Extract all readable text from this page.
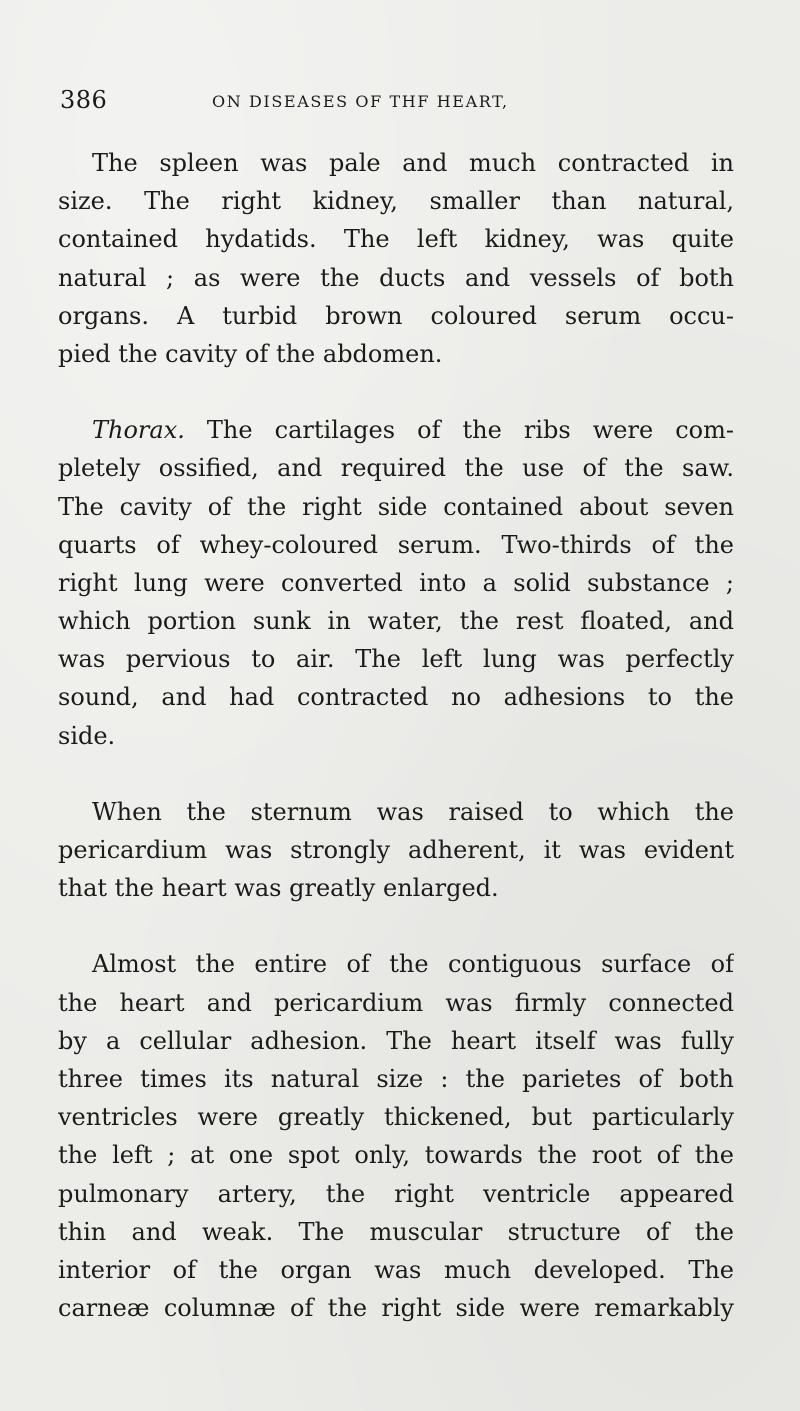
386	ON DISEASES OF THF HEART,
The spleen was pale and much contracted in
size. The right kidney, smaller than natural,
contained hydatids. The left kidney, was quite
natural ; as were the ducts and vessels of both
organs. A turbid brown coloured serum occu-
pied the cavity of the abdomen.
Thorax. The cartilages of the ribs were com-
pletely ossified, and required the use of the saw.
The cavity of the right side contained about seven
quarts of whey-coloured serum. Two-thirds of the
right lung were converted into a solid substance ;
which portion sunk in water, the rest floated, and
was pervious to air. The left lung was perfectly
sound, and had contracted no adhesions to the
side.
When the sternum was raised to which the
pericardium was strongly adherent, it was evident
that the heart was greatly enlarged.
Almost the entire of the contiguous surface of
the heart and pericardium was firmly connected
by a cellular adhesion. The heart itself was fully
three times its natural size : the parietes of both
ventricles were greatly thickened, but particularly
the left ; at one spot only, towards the root of the
pulmonary artery, the right ventricle appeared
thin and weak. The muscular structure of the
interior of the organ was much developed. The
carneæ columnæ of the right side were remarkably
